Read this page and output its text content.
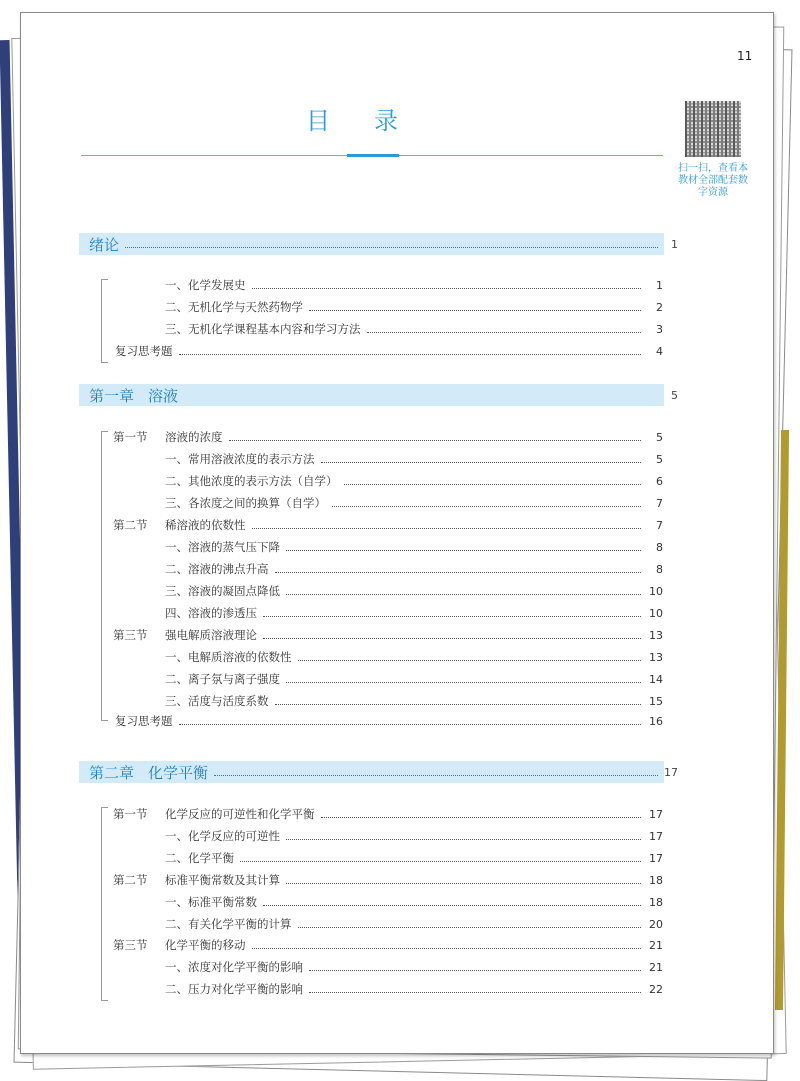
11
目　录
扫一扫，查看本教材全部配套数字资源
绪论	1
一、化学发展史	1
二、无机化学与天然药物学	2
三、无机化学课程基本内容和学习方法	3
复习思考题	4
第一章 溶液	5
第一节 溶液的浓度	5
一、常用溶液浓度的表示方法	5
二、其他浓度的表示方法（自学）	6
三、各浓度之间的换算（自学）	7
第二节 稀溶液的依数性	7
一、溶液的蒸气压下降	8
二、溶液的沸点升高	8
三、溶液的凝固点降低	10
四、溶液的渗透压	10
第三节 强电解质溶液理论	13
一、电解质溶液的依数性	13
二、离子氛与离子强度	14
三、活度与活度系数	15
复习思考题	16
第二章 化学平衡	17
第一节 化学反应的可逆性和化学平衡	17
一、化学反应的可逆性	17
二、化学平衡	17
第二节 标准平衡常数及其计算	18
一、标准平衡常数	18
二、有关化学平衡的计算	20
第三节 化学平衡的移动	21
一、浓度对化学平衡的影响	21
二、压力对化学平衡的影响	22
